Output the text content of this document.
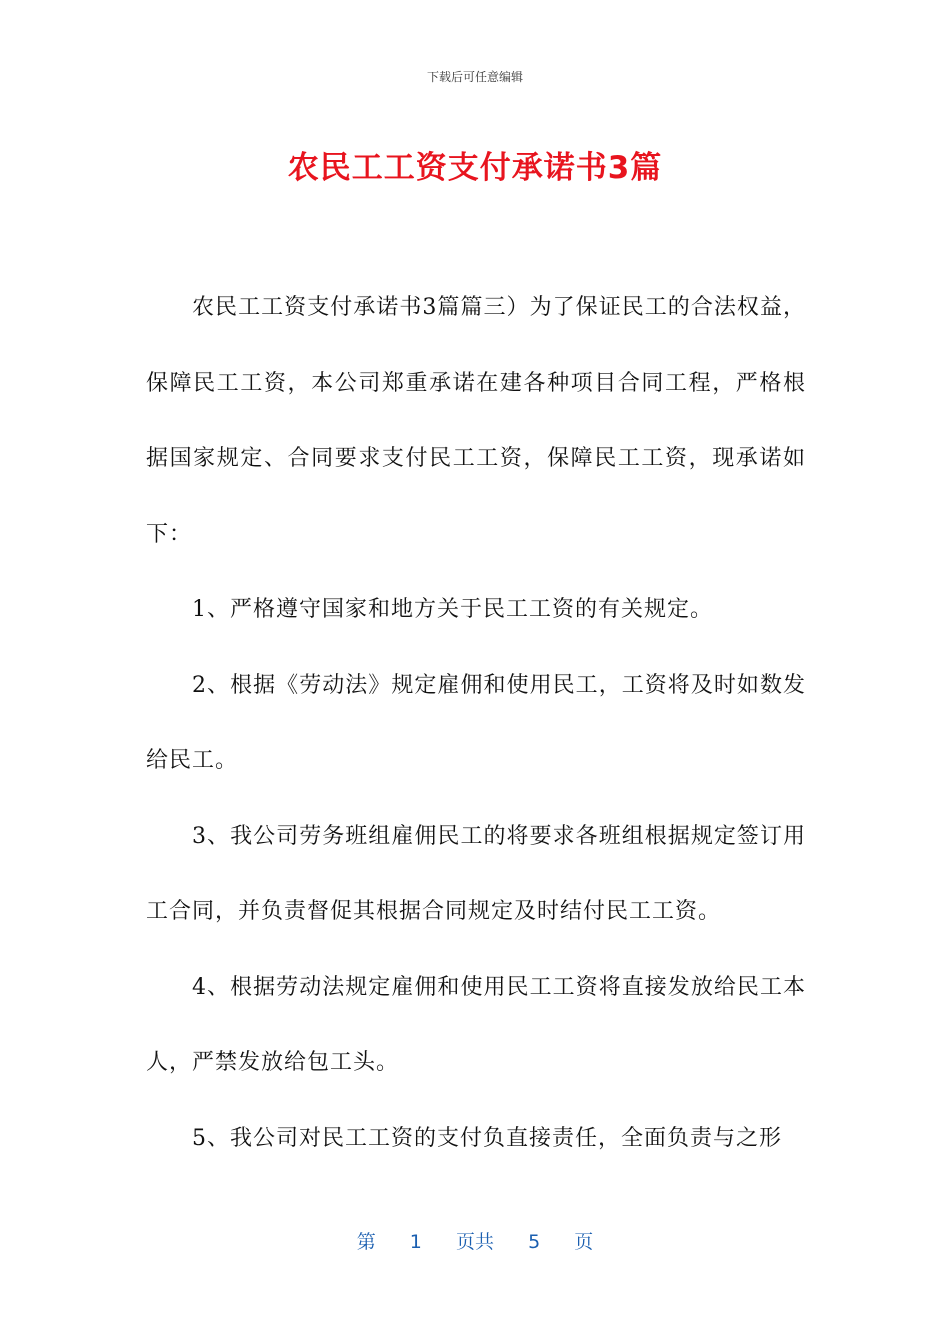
下载后可任意编辑
农民工工资支付承诺书3篇

农民工工资支付承诺书3篇篇三）为了保证民工的合法权益，保障民工工资，本公司郑重承诺在建各种项目合同工程，严格根据国家规定、合同要求支付民工工资，保障民工工资，现承诺如下：

1、严格遵守国家和地方关于民工工资的有关规定。

2、根据《劳动法》规定雇佣和使用民工，工资将及时如数发给民工。

3、我公司劳务班组雇佣民工的将要求各班组根据规定签订用工合同，并负责督促其根据合同规定及时结付民工工资。

4、根据劳动法规定雇佣和使用民工工资将直接发放给民工本人，严禁发放给包工头。

5、我公司对民工工资的支付负直接责任，全面负责与之形

第 1 页共 5 页
